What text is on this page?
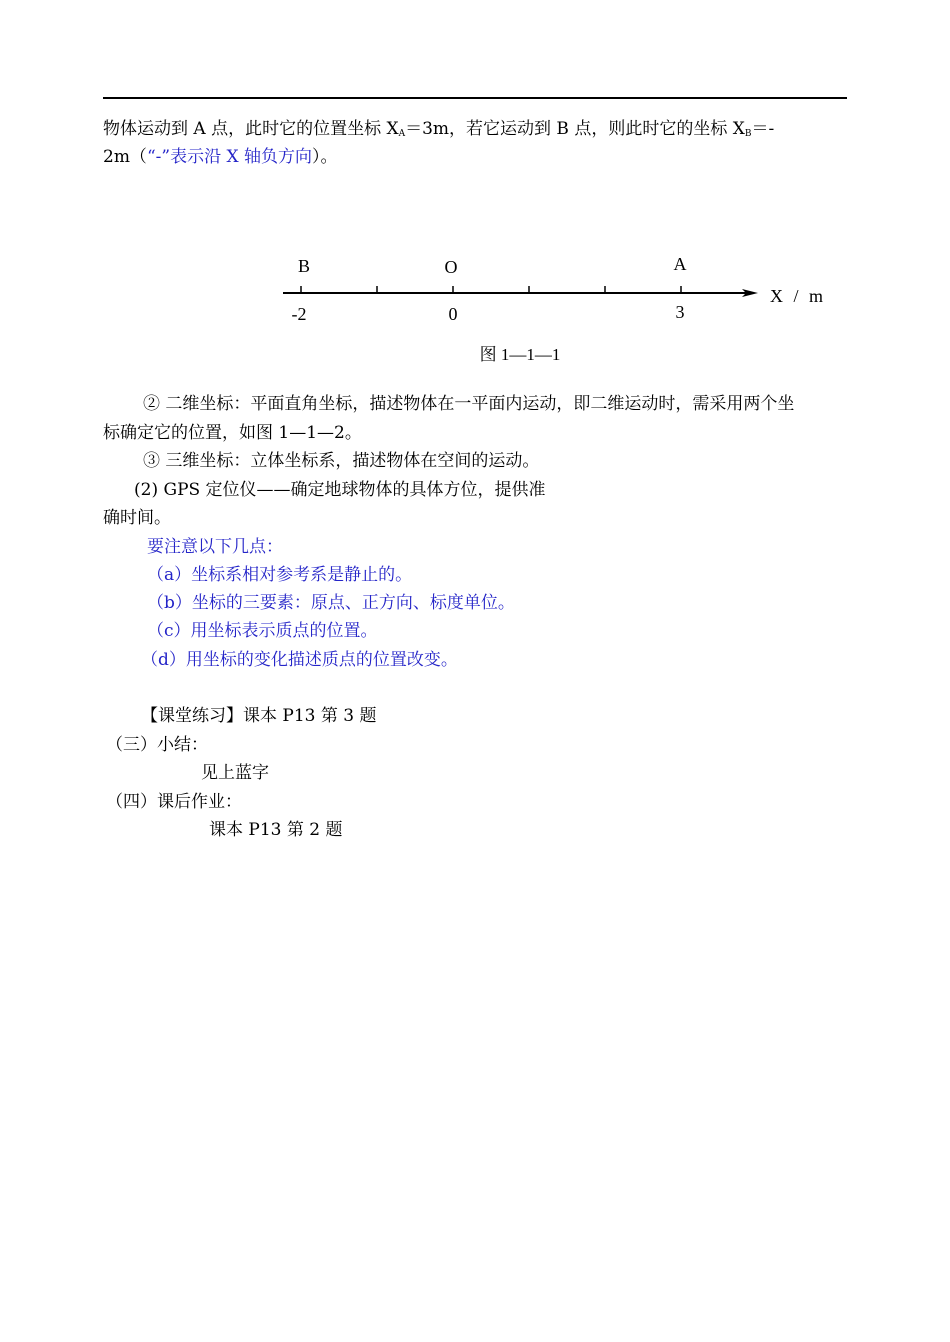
物体运动到 A 点，此时它的位置坐标 $X_A=3m$，若它运动到 B 点，则此时它的坐标 $X_B=-$
2m（“-”表示沿 X 轴负方向）。
B	O	A
-2	0	3
X / m
图 1—1—1
② 二维坐标：平面直角坐标，描述物体在一平面内运动，即二维运动时，需采用两个坐
标确定它的位置，如图 1—1—2。
③ 三维坐标：立体坐标系，描述物体在空间的运动。
(2) GPS 定位仪——确定地球物体的具体方位，提供准
确时间。
要注意以下几点：
（a）坐标系相对参考系是静止的。
（b）坐标的三要素：原点、正方向、标度单位。
（c）用坐标表示质点的位置。
（d）用坐标的变化描述质点的位置改变。
【课堂练习】课本 P13 第 3 题
（三）小结：
见上蓝字
（四）课后作业：
课本 P13 第 2 题
